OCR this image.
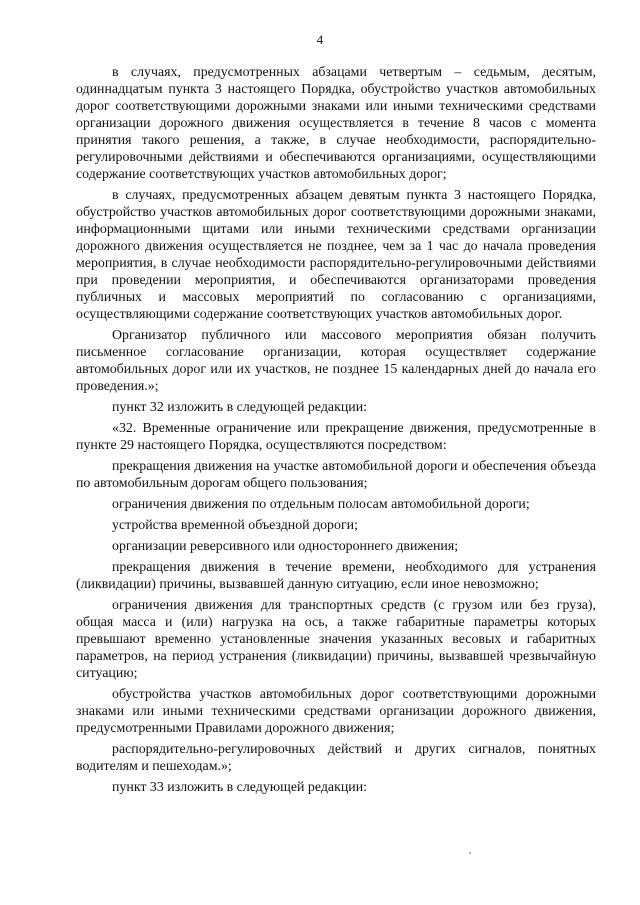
4

в случаях, предусмотренных абзацами четвертым – седьмым, десятым, одиннадцатым пункта 3 настоящего Порядка, обустройство участков автомобильных дорог соответствующими дорожными знаками или иными техническими средствами организации дорожного движения осуществляется в течение 8 часов с момента принятия такого решения, а также, в случае необходимости, распорядительно-регулировочными действиями и обеспечиваются организациями, осуществляющими содержание соответствующих участков автомобильных дорог;

в случаях, предусмотренных абзацем девятым пункта 3 настоящего Порядка, обустройство участков автомобильных дорог соответствующими дорожными знаками, информационными щитами или иными техническими средствами организации дорожного движения осуществляется не позднее, чем за 1 час до начала проведения мероприятия, в случае необходимости распорядительно-регулировочными действиями при проведении мероприятия, и обеспечиваются организаторами проведения публичных и массовых мероприятий по согласованию с организациями, осуществляющими содержание соответствующих участков автомобильных дорог.

Организатор публичного или массового мероприятия обязан получить письменное согласование организации, которая осуществляет содержание автомобильных дорог или их участков, не позднее 15 календарных дней до начала его проведения.»;

пункт 32 изложить в следующей редакции:

«32. Временные ограничение или прекращение движения, предусмотренные в пункте 29 настоящего Порядка, осуществляются посредством:

прекращения движения на участке автомобильной дороги и обеспечения объезда по автомобильным дорогам общего пользования;

ограничения движения по отдельным полосам автомобильной дороги;

устройства временной объездной дороги;

организации реверсивного или одностороннего движения;

прекращения движения в течение времени, необходимого для устранения (ликвидации) причины, вызвавшей данную ситуацию, если иное невозможно;

ограничения движения для транспортных средств (с грузом или без груза), общая масса и (или) нагрузка на ось, а также габаритные параметры которых превышают временно установленные значения указанных весовых и габаритных параметров, на период устранения (ликвидации) причины, вызвавшей чрезвычайную ситуацию;

обустройства участков автомобильных дорог соответствующими дорожными знаками или иными техническими средствами организации дорожного движения, предусмотренными Правилами дорожного движения;

распорядительно-регулировочных действий и других сигналов, понятных водителям и пешеходам.»;

пункт 33 изложить в следующей редакции:
